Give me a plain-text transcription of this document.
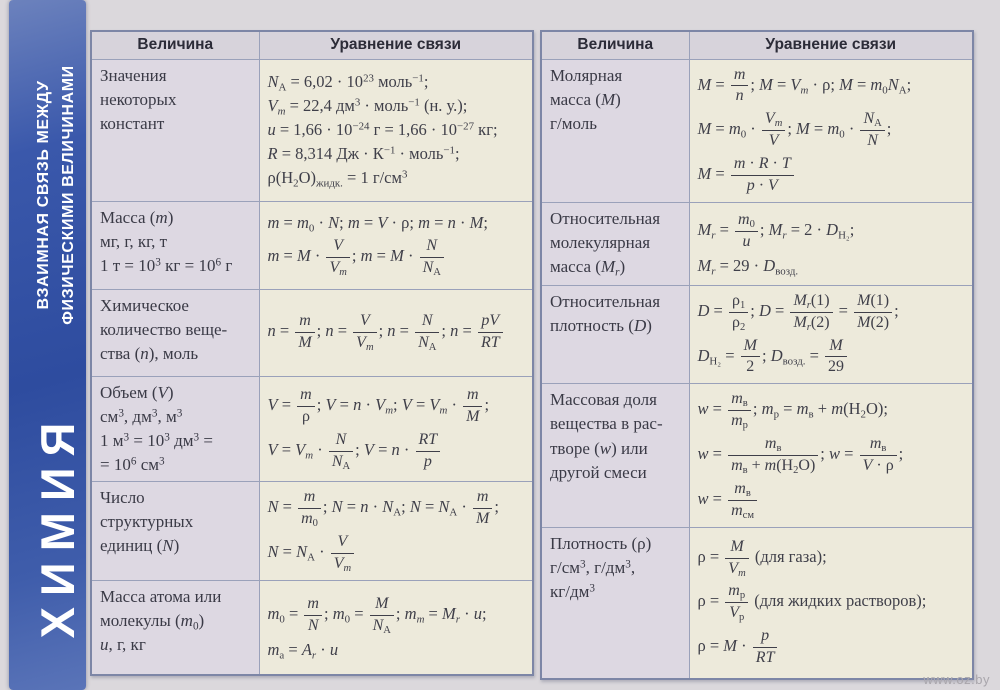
ВЗАИМНАЯ СВЯЗЬ МЕЖДУ ФИЗИЧЕСКИМИ ВЕЛИЧИНАМИ
ХИМИЯ
Величина	Уравнение связи
Значения
некоторых
констант	
$N_A = 6,02 \cdot 10^{23}$ моль$^{-1}$;
$V_m = 22,4$ $дм^3$ · моль$^{-1}$ (н. у.);
$u = 1,66 \cdot 10^{-24}$ $г = 1,66 \cdot 10^{-27}$ кг;
R = 8,314 Дж · $К^{-1}$ · моль$^{-1}$;
$\rho(H_2O)_{жидк.} = 1$ $г/см^3$

Масса (m)
мг, г, кг, т
1 $т = 10^3$ кг = $10^6$ г	
$m = m_0 \cdot N$; m = V · ρ; m = n · M;
$m = M \cdot \frac{V}{V_m}$ ; $m = M \cdot \frac{N}{N_A}$

Химическое
количество веще-
ства (n), моль	
$n = \frac{m}{M}$ ; $n = \frac{V}{V_m}$ ; $n = \frac{N}{N_A}$ ; $n = \frac{pV}{RT}$

Объем (V)
$см^3$, $дм^3$, $м^3$
1 $м^3 = 10^3$ $дм^3$ =
= $10^6$ $см^3$	
$V = \frac{m}{\rho}$ ; $V = n \cdot V_m$; $V = V_m \cdot \frac{m}{M}$ ;
$V = V_m \cdot \frac{N}{N_A}$ ; $V = n \cdot \frac{RT}{p}$

Число
структурных
единиц (N)	
$N = \frac{m}{m_0}$ ; $N = n \cdot N_A$; $N = N_A \cdot \frac{m}{M}$ ;
$N = N_A \cdot \frac{V}{V_m}$

Масса атома или
молекулы $(m_0)$
u, г, кг	
$m_0 = \frac{m}{N}$ ; $m_0 = \frac{M}{N_A}$ ; $m_m = M_r \cdot u$;
$m_a = A_r \cdot u$
Величина	Уравнение связи
Молярная
масса (M)
г/моль	
$M = \frac{m}{n}$ ; $M = V_m \cdot \rho$; $M = m_0N_A$;
$M = m_0 \cdot \frac{V_m}{V}$ ; $M = m_0 \cdot \frac{N_A}{N}$ ;
$M = \frac{m \cdot R \cdot T}{p \cdot V}$

Относительная
молекулярная
масса $(M_r)$	
$M_r = \frac{m_0}{u}$ ; $M_r = 2 \cdot D_{H_2}$;
$M_r = 29 \cdot D_{возд.}$

Относительная
плотность (D)	
$D = \frac{\rho_1}{\rho_2}$ ; $D = \frac{M_r(1)}{M_r(2)} = \frac{M(1)}{M(2)}$ ;
$D_{H_2} = \frac{M}{2}$ ; $D_{возд.} = \frac{M}{29}$

Массовая доля
вещества в рас-
творе (w) или
другой смеси	
w =
$m_в$
$m_р$
; $m_р = m_в + m(H_2O)$;
w =
$m_в$
$m_в + m(H_2O)$
; w =
$m_в$
V · ρ
;
w =
$m_в$
$m_{см}$

Плотность (ρ)
$г/см^3$, $г/дм^3$,
$кг/дм^3$	
$\rho = \frac{M}{V_m} (для$ газа);
ρ =
$m_р$
$V_р$
(для жидких растворов);
$\rho = M \cdot \frac{p}{RT}$
www.oz.by
